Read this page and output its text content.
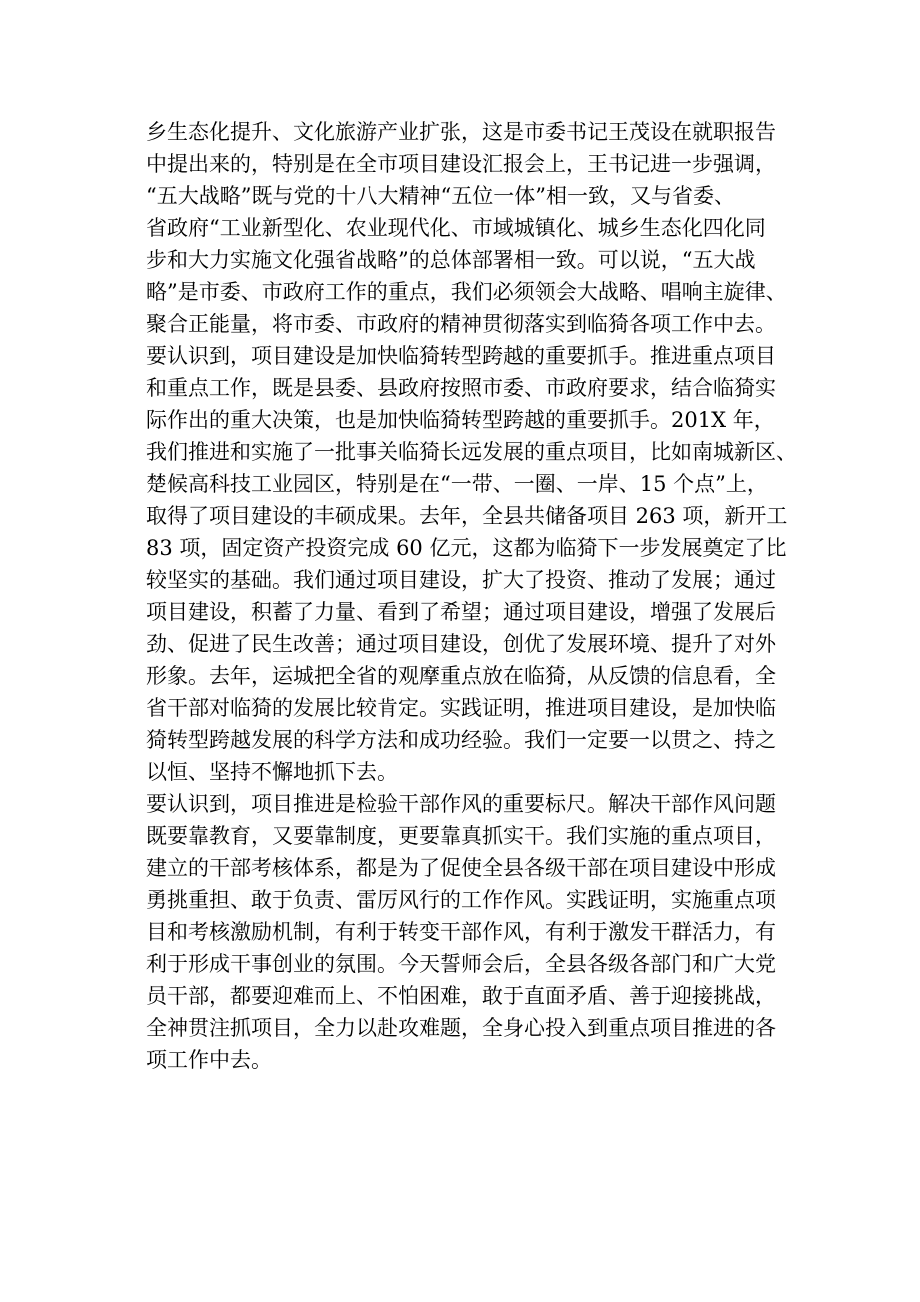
乡生态化提升、文化旅游产业扩张，这是市委书记王茂设在就职报告
中提出来的，特别是在全市项目建设汇报会上，王书记进一步强调，
“五大战略”既与党的十八大精神“五位一体”相一致，又与省委、
省政府“工业新型化、农业现代化、市域城镇化、城乡生态化四化同
步和大力实施文化强省战略”的总体部署相一致。可以说，“五大战
略”是市委、市政府工作的重点，我们必须领会大战略、唱响主旋律、
聚合正能量，将市委、市政府的精神贯彻落实到临猗各项工作中去。
要认识到，项目建设是加快临猗转型跨越的重要抓手。推进重点项目
和重点工作，既是县委、县政府按照市委、市政府要求，结合临猗实
际作出的重大决策，也是加快临猗转型跨越的重要抓手。201X 年，
我们推进和实施了一批事关临猗长远发展的重点项目，比如南城新区、
楚候高科技工业园区，特别是在“一带、一圈、一岸、15 个点”上，
取得了项目建设的丰硕成果。去年，全县共储备项目 263 项，新开工
83 项，固定资产投资完成 60 亿元，这都为临猗下一步发展奠定了比
较坚实的基础。我们通过项目建设，扩大了投资、推动了发展；通过
项目建设，积蓄了力量、看到了希望；通过项目建设，增强了发展后
劲、促进了民生改善；通过项目建设，创优了发展环境、提升了对外
形象。去年，运城把全省的观摩重点放在临猗，从反馈的信息看，全
省干部对临猗的发展比较肯定。实践证明，推进项目建设，是加快临
猗转型跨越发展的科学方法和成功经验。我们一定要一以贯之、持之
以恒、坚持不懈地抓下去。
要认识到，项目推进是检验干部作风的重要标尺。解决干部作风问题
既要靠教育，又要靠制度，更要靠真抓实干。我们实施的重点项目，
建立的干部考核体系，都是为了促使全县各级干部在项目建设中形成
勇挑重担、敢于负责、雷厉风行的工作作风。实践证明，实施重点项
目和考核激励机制，有利于转变干部作风，有利于激发干群活力，有
利于形成干事创业的氛围。今天誓师会后，全县各级各部门和广大党
员干部，都要迎难而上、不怕困难，敢于直面矛盾、善于迎接挑战，
全神贯注抓项目，全力以赴攻难题，全身心投入到重点项目推进的各
项工作中去。
